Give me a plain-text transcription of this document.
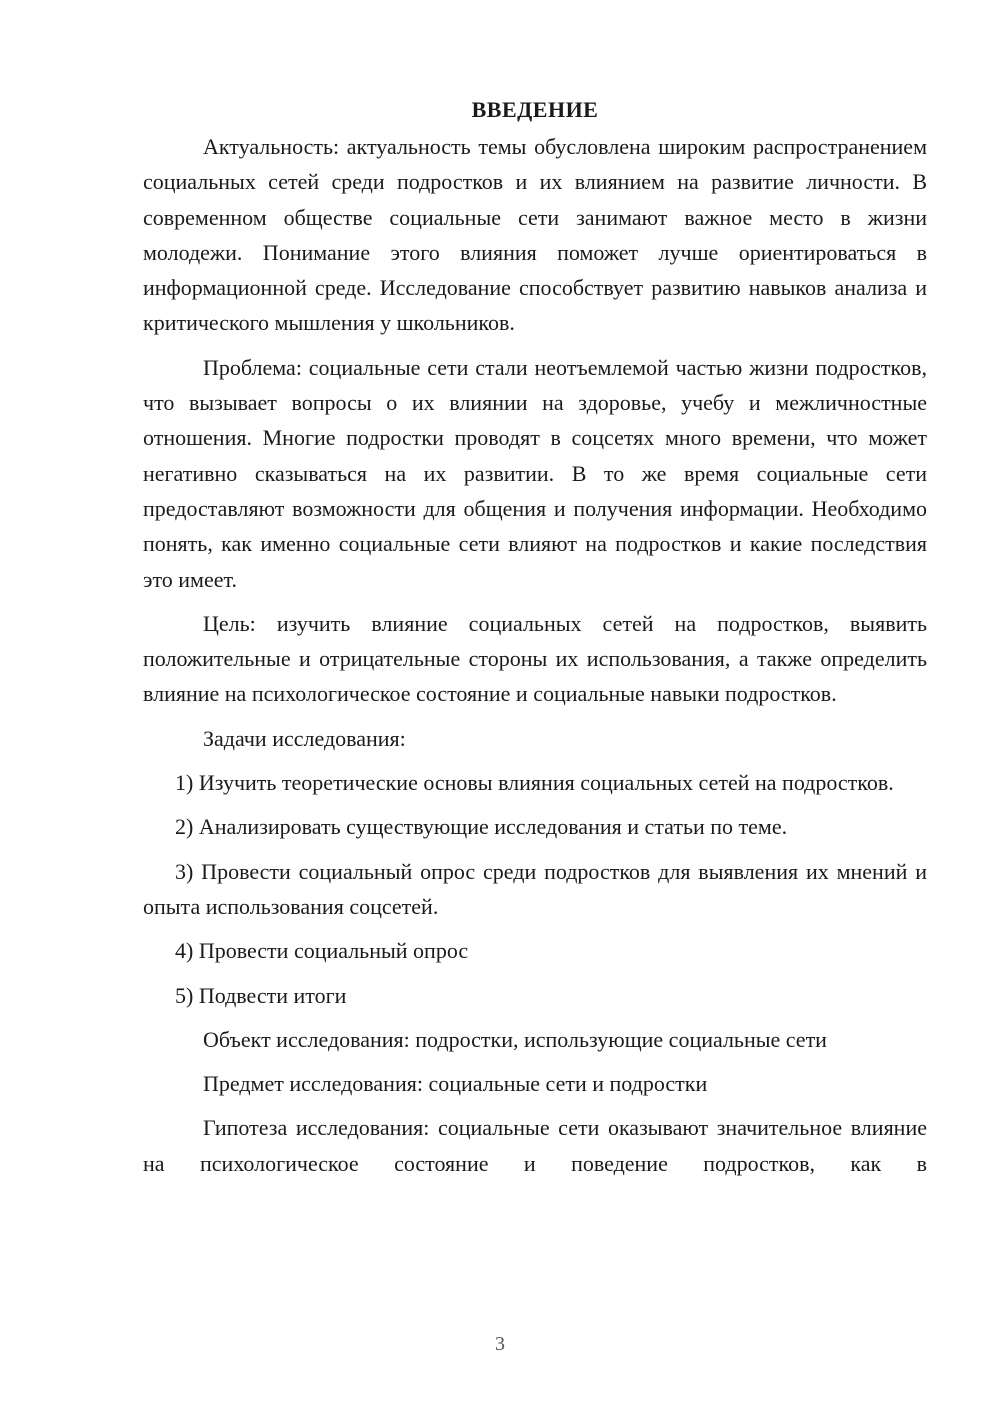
ВВЕДЕНИЕ

Актуальность: актуальность темы обусловлена широким распространением социальных сетей среди подростков и их влиянием на развитие личности. В современном обществе социальные сети занимают важное место в жизни молодежи. Понимание этого влияния поможет лучше ориентироваться в информационной среде. Исследование способствует развитию навыков анализа и критического мышления у школьников.

Проблема: социальные сети стали неотъемлемой частью жизни подростков, что вызывает вопросы о их влиянии на здоровье, учебу и межличностные отношения. Многие подростки проводят в соцсетях много времени, что может негативно сказываться на их развитии. В то же время социальные сети предоставляют возможности для общения и получения информации. Необходимо понять, как именно социальные сети влияют на подростков и какие последствия это имеет.

Цель: изучить влияние социальных сетей на подростков, выявить положительные и отрицательные стороны их использования, а также определить влияние на психологическое состояние и социальные навыки подростков.

Задачи исследования:

1) Изучить теоретические основы влияния социальных сетей на подростков.

2) Анализировать существующие исследования и статьи по теме.

3) Провести социальный опрос среди подростков для выявления их мнений и опыта использования соцсетей.

4) Провести социальный опрос

5) Подвести итоги

Объект исследования: подростки, использующие социальные сети

Предмет исследования: социальные сети и подростки

Гипотеза исследования: социальные сети оказывают значительное влияние на психологическое состояние и поведение подростков, как в

3
